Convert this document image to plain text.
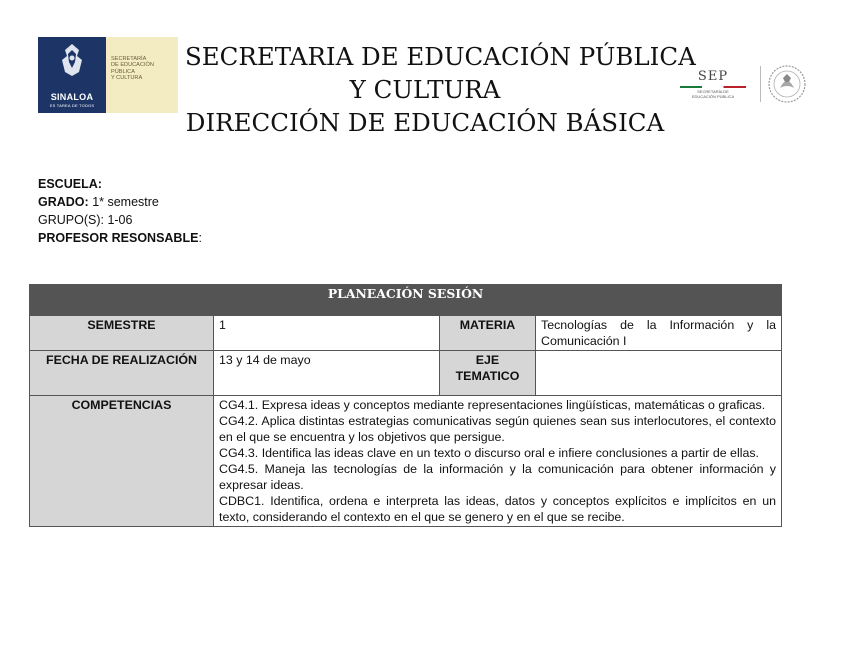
SINALOA
ES TAREA DE TODOS
SECRETARÍA
DE EDUCACIÓN
PÚBLICA
Y CULTURA
SECRETARIA DE EDUCACIÓN PÚBLICA
Y CULTURA
DIRECCIÓN DE EDUCACIÓN BÁSICA
SEP
SECRETARÍA DE
EDUCACIÓN PÚBLICA
ESCUELA:
GRADO: 1* semestre
GRUPO(S): 1-06
PROFESOR RESONSABLE:
PLANEACIÓN SESIÓN			
SEMESTRE	1	MATERIA	Tecnologías de la Información y la Comunicación I
FECHA DE REALIZACIÓN	13 y 14 de mayo	EJE TEMATICO	
COMPETENCIAS	CG4.1. Expresa ideas y conceptos mediante representaciones lingüísticas, matemáticas o graficas.

CG4.2. Aplica distintas estrategias comunicativas según quienes sean sus interlocutores, el contexto en el que se encuentra y los objetivos que persigue.

CG4.3. Identifica las ideas clave en un texto o discurso oral e infiere conclusiones a partir de ellas.

CG4.5. Maneja las tecnologías de la información y la comunicación para obtener información y expresar ideas.

CDBC1. Identifica, ordena e interpreta las ideas, datos y conceptos explícitos e implícitos en un texto, considerando el contexto en el que se genero y en el que se recibe.		
